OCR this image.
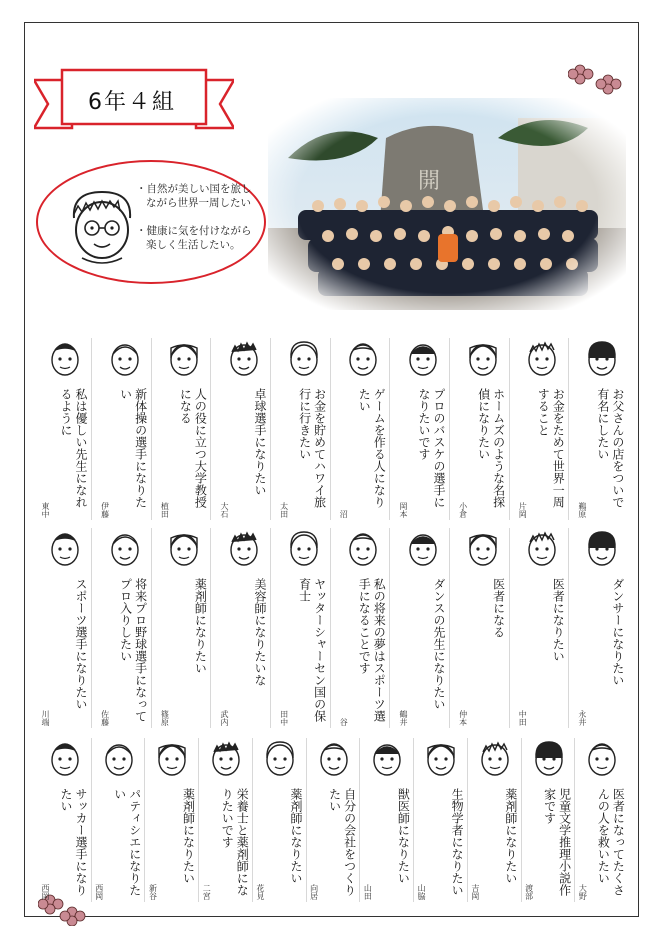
6年４組
・ 自然が美しい国を旅しながら世界一周したい
・ 健康に気を付けながら楽しく生活したい。
私は優しい先生になれるように
東中
新体操の選手になりたい
伊藤
人の役に立つ大学教授になる
植田
卓球選手になりたい
大石
お金を貯めてハワイ旅行に行きたい
太田
ゲームを作る人になりたい
沼
プロのバスケの選手になりたいです
岡本
ホームズのような名探偵になりたい
小倉
お金をためて世界一周すること
片岡
お父さんの店をついで有名にしたい
鵜原
スポーツ選手になりたい
川端	将来プロ野球選手になってプロ入りしたい
佐藤
薬剤師になりたい
篠原
美容師になりたいな
武内	ヤッターシャーセン国の保育士
田中	私の将来の夢はスポーツ選手になることです
谷
ダンスの先生になりたい
鶴井
医者になる
仲本
医者になりたい
中田
ダンサーになりたい
永井
サッカー選手になりたい
西岡	パティシエになりたい
西岡
薬剤師になりたい
新谷	栄養士と薬剤師になりたいです
二宮
薬剤師になりたい
花見	自分の会社をつくりたい
向居
獣医師になりたい
山田	生物学者になりたい
山脇
薬剤師になりたい
吉岡	児童文学推理小説作家です
渡部	医者になってたくさんの人を救いたい
大野
